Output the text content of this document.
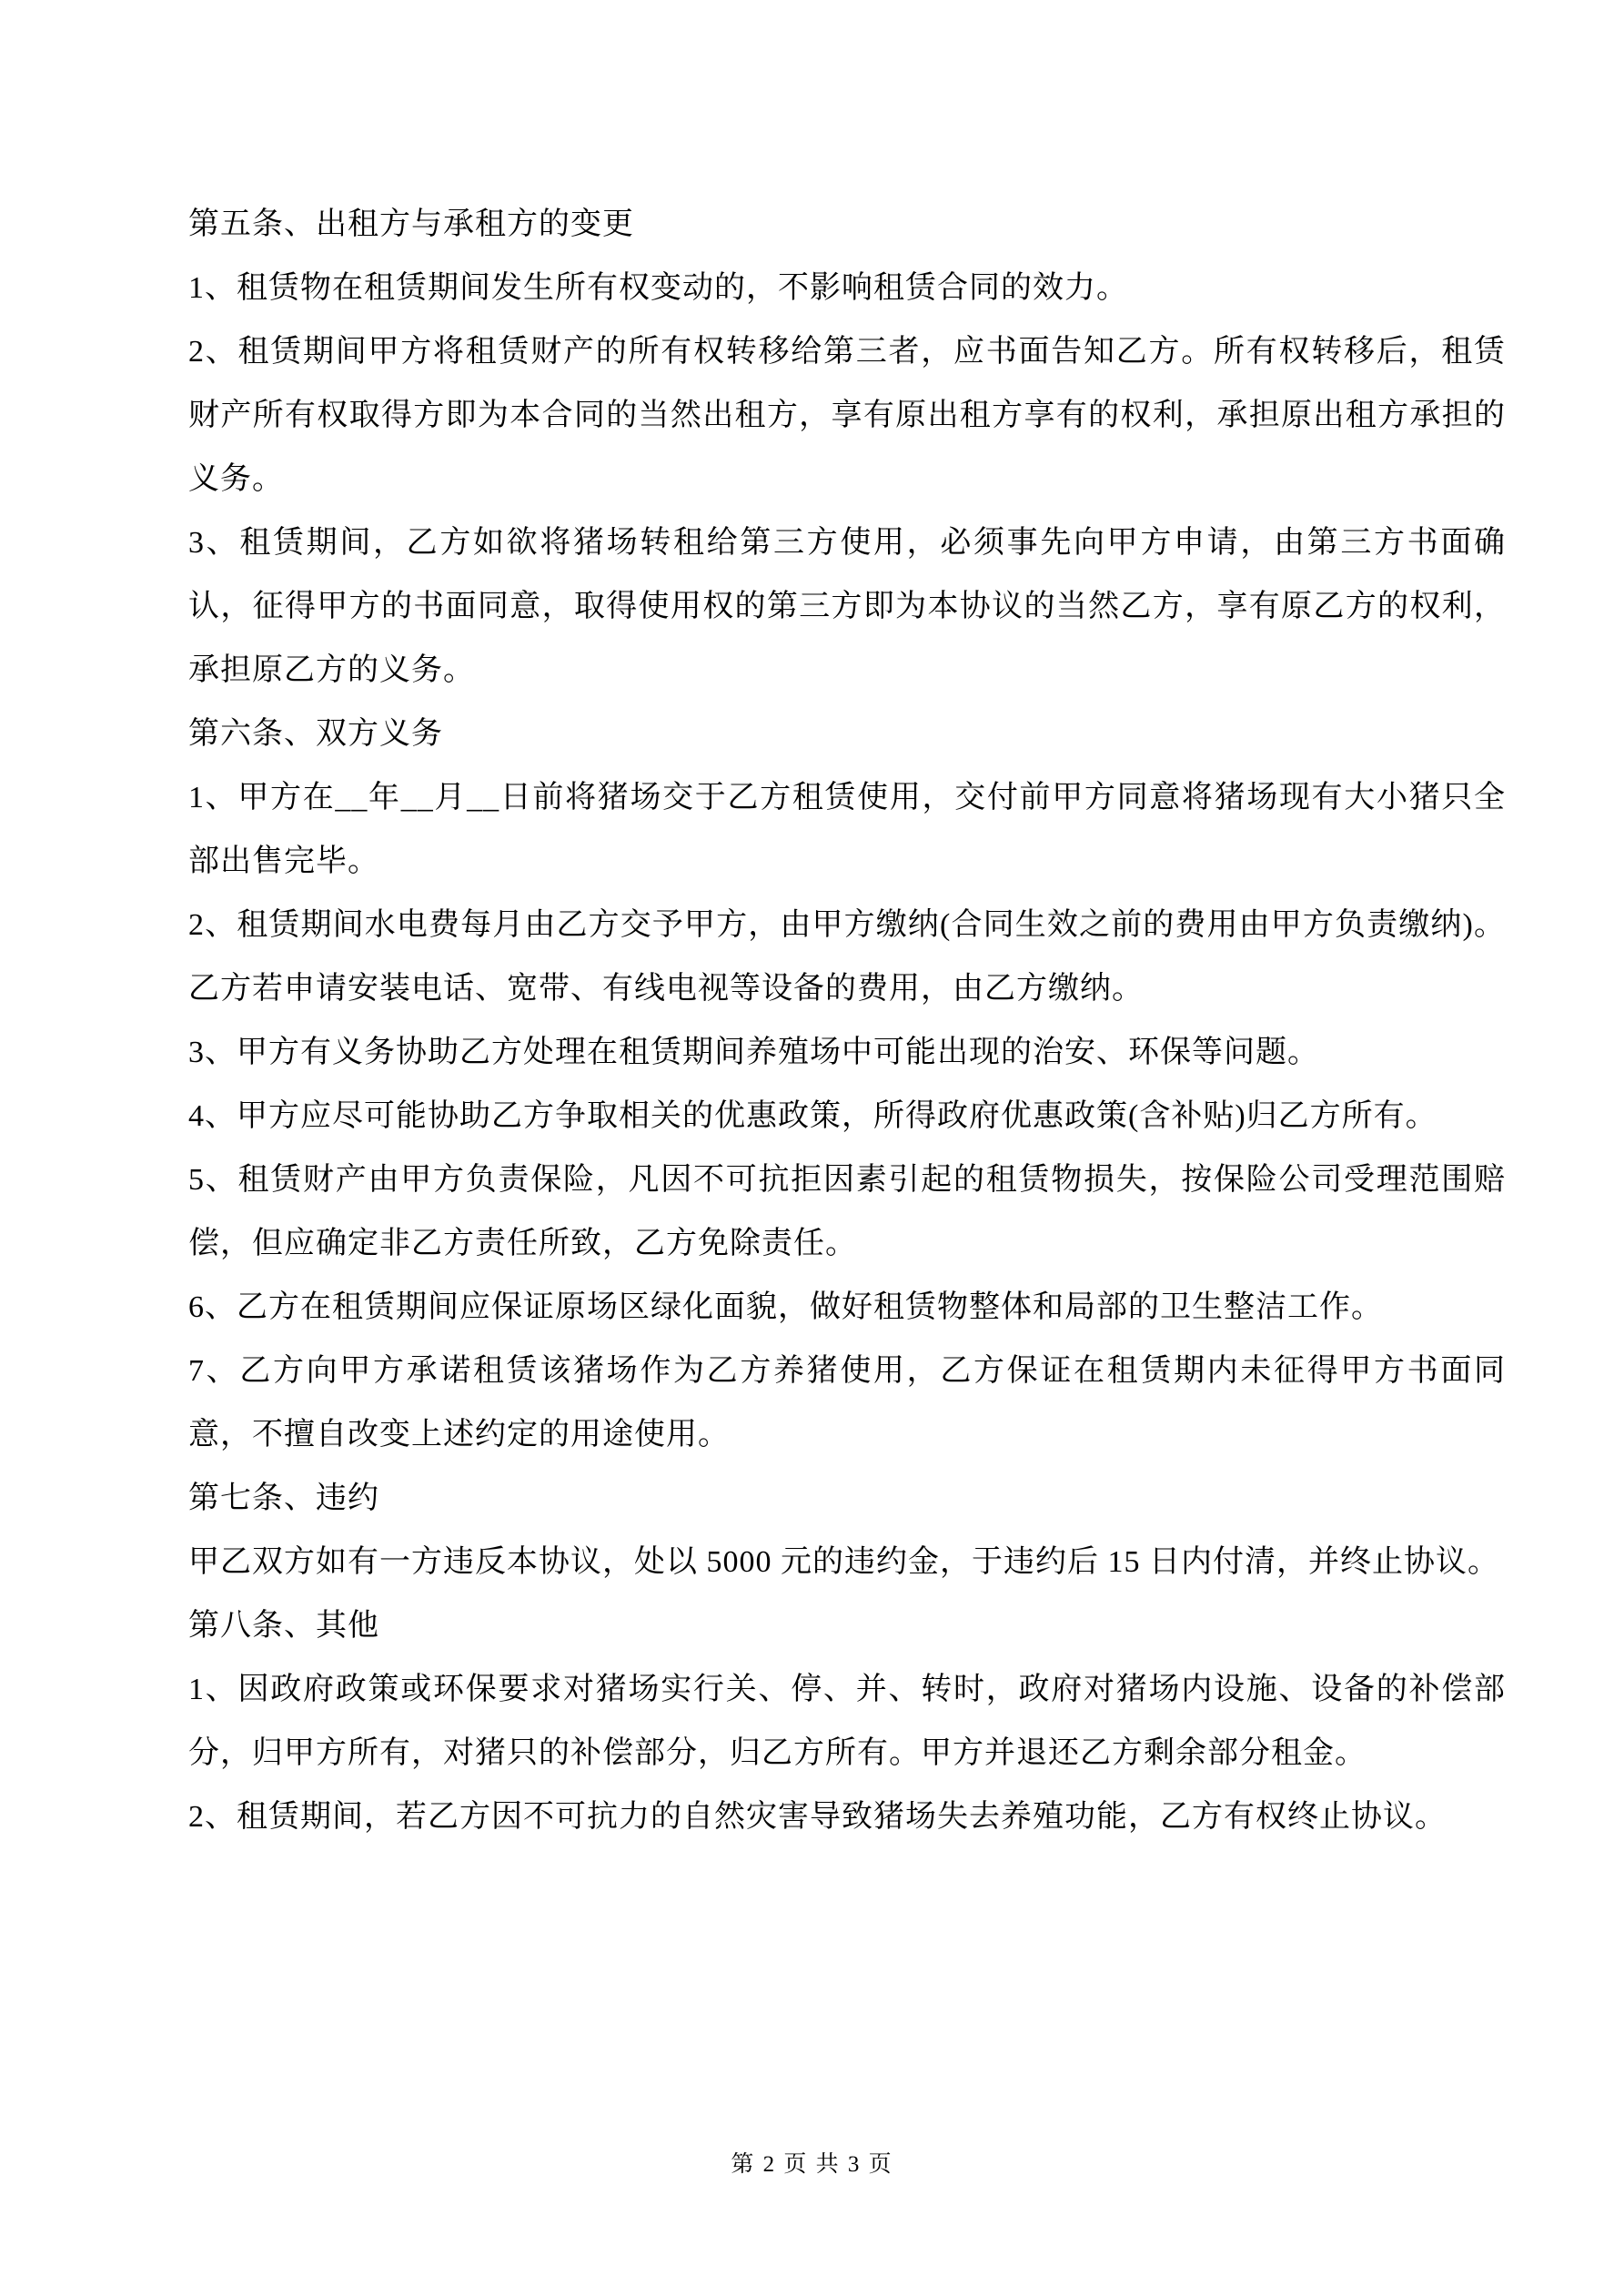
第五条、出租方与承租方的变更

1、租赁物在租赁期间发生所有权变动的，不影响租赁合同的效力。

2、租赁期间甲方将租赁财产的所有权转移给第三者，应书面告知乙方。所有权转移后，租赁财产所有权取得方即为本合同的当然出租方，享有原出租方享有的权利，承担原出租方承担的义务。

3、租赁期间，乙方如欲将猪场转租给第三方使用，必须事先向甲方申请，由第三方书面确认，征得甲方的书面同意，取得使用权的第三方即为本协议的当然乙方，享有原乙方的权利，承担原乙方的义务。

第六条、双方义务

1、甲方在__年__月__日前将猪场交于乙方租赁使用，交付前甲方同意将猪场现有大小猪只全部出售完毕。

2、租赁期间水电费每月由乙方交予甲方，由甲方缴纳(合同生效之前的费用由甲方负责缴纳)。乙方若申请安装电话、宽带、有线电视等设备的费用，由乙方缴纳。

3、甲方有义务协助乙方处理在租赁期间养殖场中可能出现的治安、环保等问题。

4、甲方应尽可能协助乙方争取相关的优惠政策，所得政府优惠政策(含补贴)归乙方所有。

5、租赁财产由甲方负责保险，凡因不可抗拒因素引起的租赁物损失，按保险公司受理范围赔偿，但应确定非乙方责任所致，乙方免除责任。

6、乙方在租赁期间应保证原场区绿化面貌，做好租赁物整体和局部的卫生整洁工作。

7、乙方向甲方承诺租赁该猪场作为乙方养猪使用，乙方保证在租赁期内未征得甲方书面同意，不擅自改变上述约定的用途使用。

第七条、违约

甲乙双方如有一方违反本协议，处以 5000 元的违约金，于违约后 15 日内付清，并终止协议。

第八条、其他

1、因政府政策或环保要求对猪场实行关、停、并、转时，政府对猪场内设施、设备的补偿部分，归甲方所有，对猪只的补偿部分，归乙方所有。甲方并退还乙方剩余部分租金。

2、租赁期间，若乙方因不可抗力的自然灾害导致猪场失去养殖功能，乙方有权终止协议。

第 2 页 共 3 页
